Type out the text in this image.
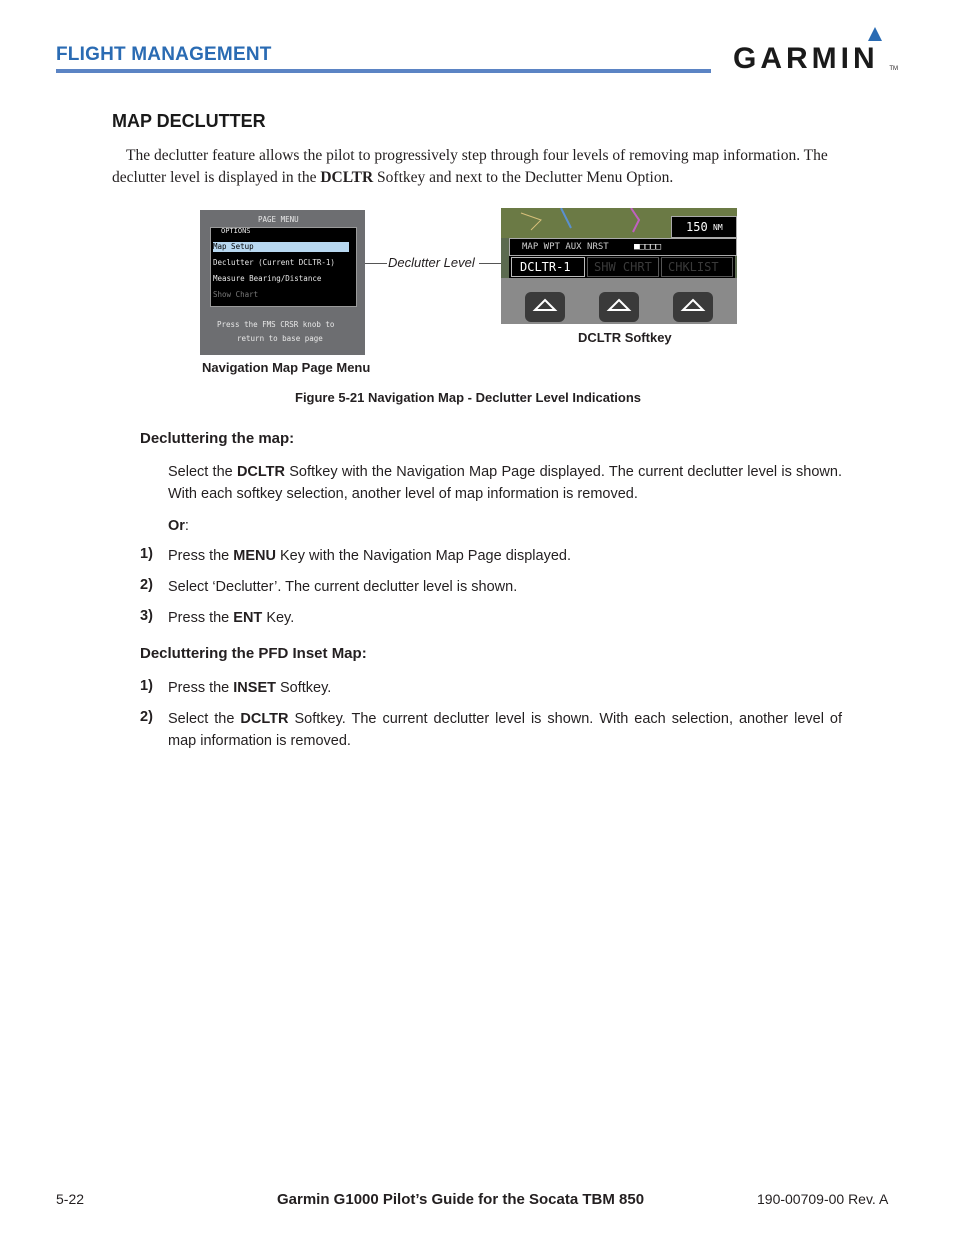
FLIGHT MANAGEMENT	GARMIN TM
MAP DECLUTTER
The declutter feature allows the pilot to progressively step through four levels of removing map information. The declutter level is displayed in the DCLTR Softkey and next to the Declutter Menu Option.
PAGE MENU
OPTIONS
Map Setup
Declutter (Current DCLTR-1)
Measure Bearing/Distance
Show Chart
Press the FMS CRSR knob to
return to base page
Navigation Map Page Menu
Declutter Level
150 NM
MAP WPT AUX NRST	■□□□□
DCLTR-1	SHW CHRT	CHKLIST
DCLTR Softkey
Figure 5-21 Navigation Map - Declutter Level Indications
Decluttering the map:
Select the DCLTR Softkey with the Navigation Map Page displayed. The current declutter level is shown. With each softkey selection, another level of map information is removed.
Or:
1) Press the MENU Key with the Navigation Map Page displayed.
2) Select ‘Declutter’. The current declutter level is shown.
3) Press the ENT Key.
Decluttering the PFD Inset Map:
1) Press the INSET Softkey.
2) Select the DCLTR Softkey. The current declutter level is shown. With each selection, another level of map information is removed.
5-22	Garmin G1000 Pilot’s Guide for the Socata TBM 850	190-00709-00 Rev. A
